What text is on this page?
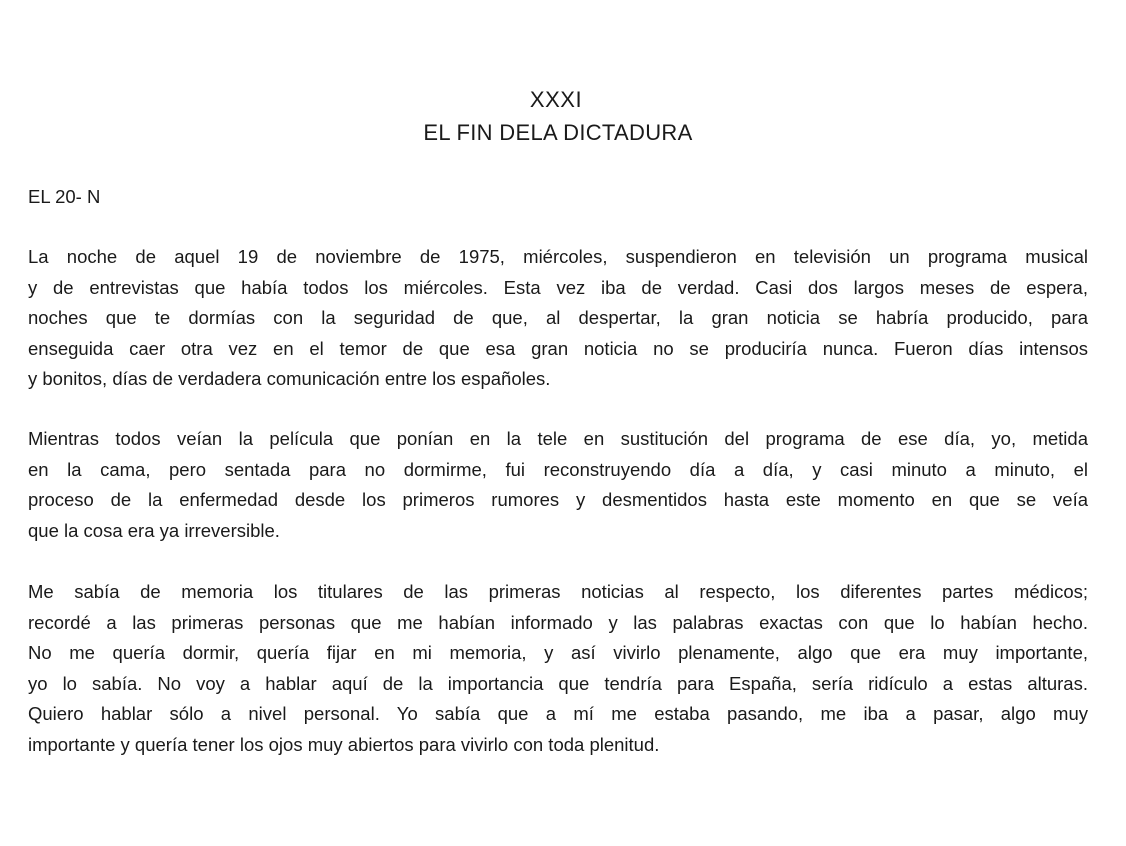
XXXI
EL FIN DELA DICTADURA
EL 20- N
La noche de aquel 19 de noviembre de 1975, miércoles, suspendieron en televisión un programa musical
y de entrevistas que había todos los miércoles. Esta vez iba de verdad. Casi dos largos meses de espera,
noches que te dormías con la seguridad de que, al despertar, la gran noticia se habría producido, para
enseguida caer otra vez en el temor de que esa gran noticia no se produciría nunca. Fueron días intensos
y bonitos, días de verdadera comunicación entre los españoles.
Mientras todos veían la película que ponían en la tele en sustitución del programa de ese día, yo, metida
en la cama, pero sentada para no dormirme, fui reconstruyendo día a día, y casi minuto a minuto, el
proceso de la enfermedad desde los primeros rumores y desmentidos hasta este momento en que se veía
que la cosa era ya irreversible.
Me sabía de memoria los titulares de las primeras noticias al respecto, los diferentes partes médicos;
recordé a las primeras personas que me habían informado y las palabras exactas con que lo habían hecho.
No me quería dormir, quería fijar en mi memoria, y así vivirlo plenamente, algo que era muy importante,
yo lo sabía. No voy a hablar aquí de la importancia que tendría para España, sería ridículo a estas alturas.
Quiero hablar sólo a nivel personal. Yo sabía que a mí me estaba pasando, me iba a pasar, algo muy
importante y quería tener los ojos muy abiertos para vivirlo con toda plenitud.
